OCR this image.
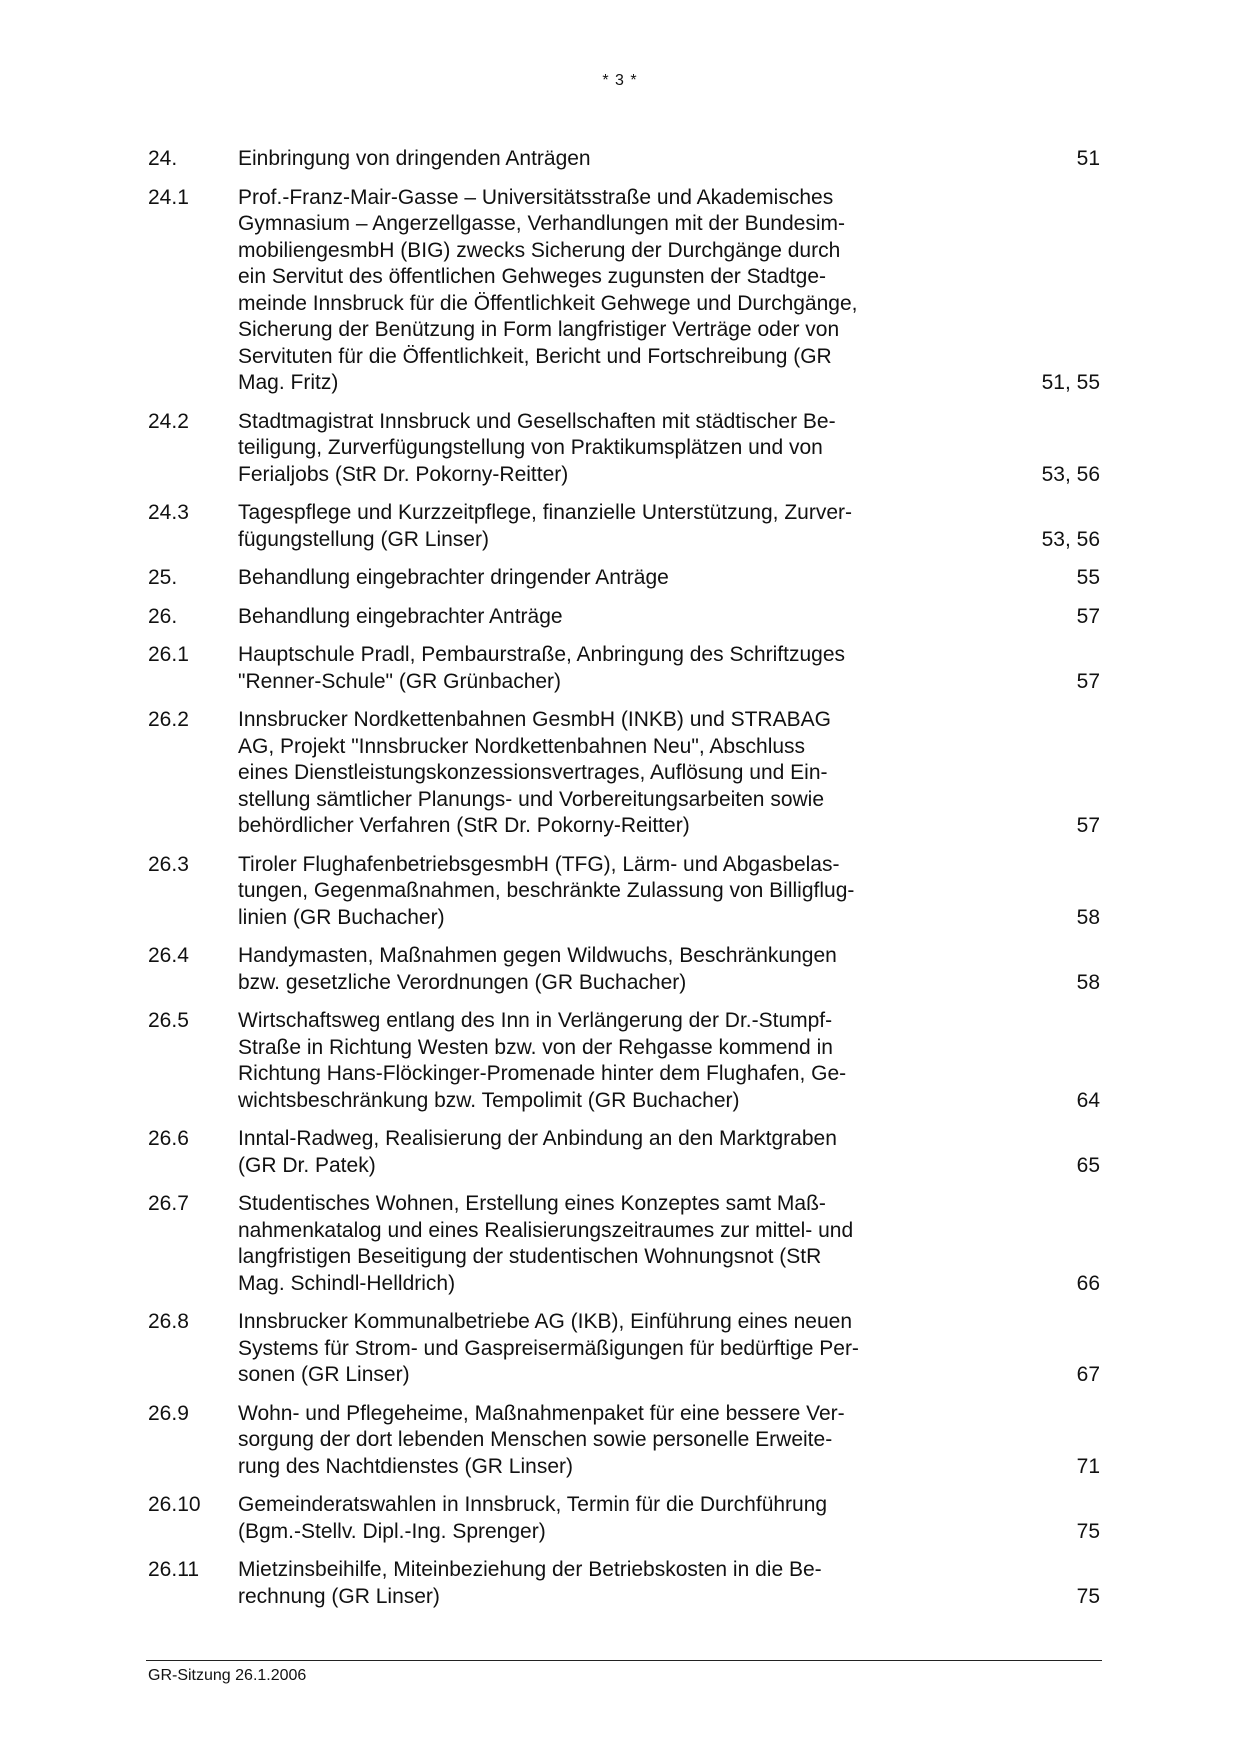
* 3 *
24.	Einbringung von dringenden Anträgen	51
24.1	Prof.-Franz-Mair-Gasse – Universitätsstraße und Akademisches
Gymnasium – Angerzellgasse, Verhandlungen mit der Bundesim-
mobiliengesmbH (BIG) zwecks Sicherung der Durchgänge durch
ein Servitut des öffentlichen Gehweges zugunsten der Stadtge-
meinde Innsbruck für die Öffentlichkeit Gehwege und Durchgänge,
Sicherung der Benützung in Form langfristiger Verträge oder von
Servituten für die Öffentlichkeit, Bericht und Fortschreibung (GR
Mag. Fritz)	51, 55
24.2	Stadtmagistrat Innsbruck und Gesellschaften mit städtischer Be-
teiligung, Zurverfügungstellung von Praktikumsplätzen und von
Ferialjobs (StR Dr. Pokorny-Reitter)	53, 56
24.3	Tagespflege und Kurzzeitpflege, finanzielle Unterstützung, Zurver-
fügungstellung (GR Linser)	53, 56
25.	Behandlung eingebrachter dringender Anträge	55
26.	Behandlung eingebrachter Anträge	57
26.1	Hauptschule Pradl, Pembaurstraße, Anbringung des Schriftzuges
"Renner-Schule" (GR Grünbacher)	57
26.2	Innsbrucker Nordkettenbahnen GesmbH (INKB) und STRABAG
AG, Projekt "Innsbrucker Nordkettenbahnen Neu", Abschluss
eines Dienstleistungskonzessionsvertrages, Auflösung und Ein-
stellung sämtlicher Planungs- und Vorbereitungsarbeiten sowie
behördlicher Verfahren (StR Dr. Pokorny-Reitter)	57
26.3	Tiroler FlughafenbetriebsgesmbH (TFG), Lärm- und Abgasbelas-
tungen, Gegenmaßnahmen, beschränkte Zulassung von Billigflug-
linien (GR Buchacher)	58
26.4	Handymasten, Maßnahmen gegen Wildwuchs, Beschränkungen
bzw. gesetzliche Verordnungen (GR Buchacher)	58
26.5	Wirtschaftsweg entlang des Inn in Verlängerung der Dr.-Stumpf-
Straße in Richtung Westen bzw. von der Rehgasse kommend in
Richtung Hans-Flöckinger-Promenade hinter dem Flughafen, Ge-
wichtsbeschränkung bzw. Tempolimit (GR Buchacher)	64
26.6	Inntal-Radweg, Realisierung der Anbindung an den Marktgraben
(GR Dr. Patek)	65
26.7	Studentisches Wohnen, Erstellung eines Konzeptes samt Maß-
nahmenkatalog und eines Realisierungszeitraumes zur mittel- und
langfristigen Beseitigung der studentischen Wohnungsnot (StR
Mag. Schindl-Helldrich)	66
26.8	Innsbrucker Kommunalbetriebe AG (IKB), Einführung eines neuen
Systems für Strom- und Gaspreisermäßigungen für bedürftige Per-
sonen (GR Linser)	67
26.9	Wohn- und Pflegeheime, Maßnahmenpaket für eine bessere Ver-
sorgung der dort lebenden Menschen sowie personelle Erweite-
rung des Nachtdienstes (GR Linser)	71
26.10	Gemeinderatswahlen in Innsbruck, Termin für die Durchführung
(Bgm.-Stellv. Dipl.-Ing. Sprenger)	75
26.11	Mietzinsbeihilfe, Miteinbeziehung der Betriebskosten in die Be-
rechnung (GR Linser)	75
GR-Sitzung 26.1.2006
